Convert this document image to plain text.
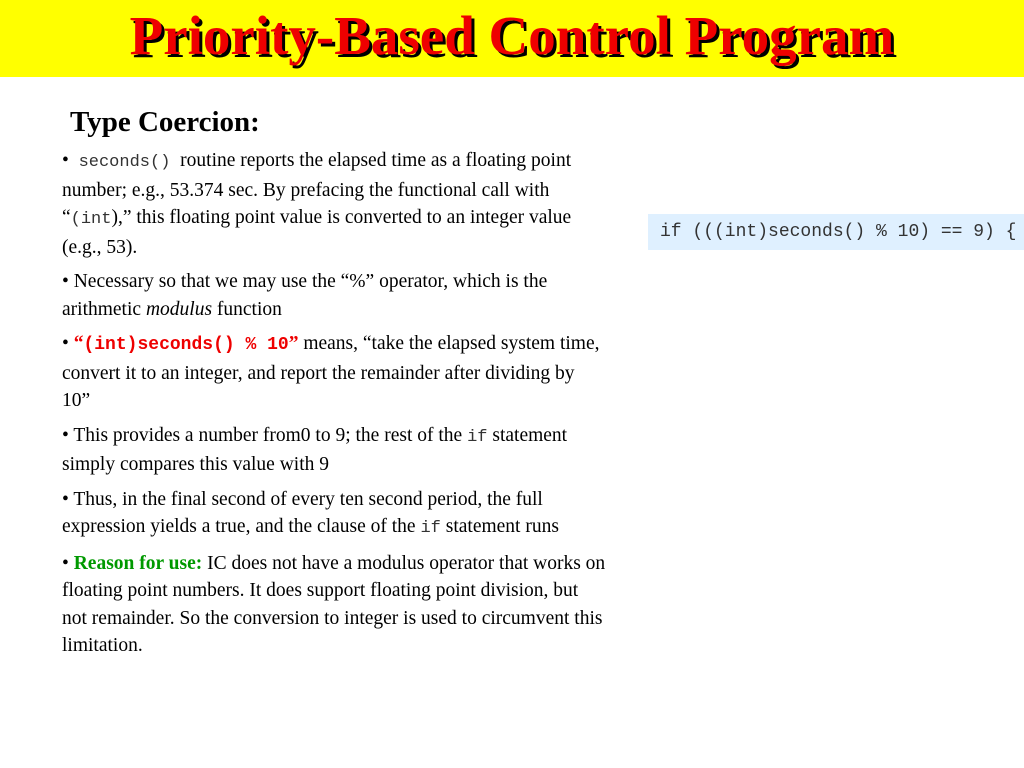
Priority-Based Control Program
Type Coercion:
• seconds()  routine reports the elapsed time as a floating point number; e.g., 53.374 sec. By prefacing the functional call with “(int),” this floating point value is converted to an integer value (e.g., 53).
• Necessary so that we may use the “%” operator, which is the arithmetic modulus function
• “(int)seconds() % 10” means, “take the elapsed system time, convert it to an integer, and report the remainder after dividing by 10”
• This provides a number from0 to 9; the rest of the if statement simply compares this value with 9
• Thus, in the final second of every ten second period, the full expression yields a true, and the clause of the if statement runs
• Reason for use: IC does not have a modulus operator that works on floating point numbers. It does support floating point division, but not remainder. So the conversion to integer is used to circumvent this limitation.
if (((int)seconds() % 10) == 9) {
